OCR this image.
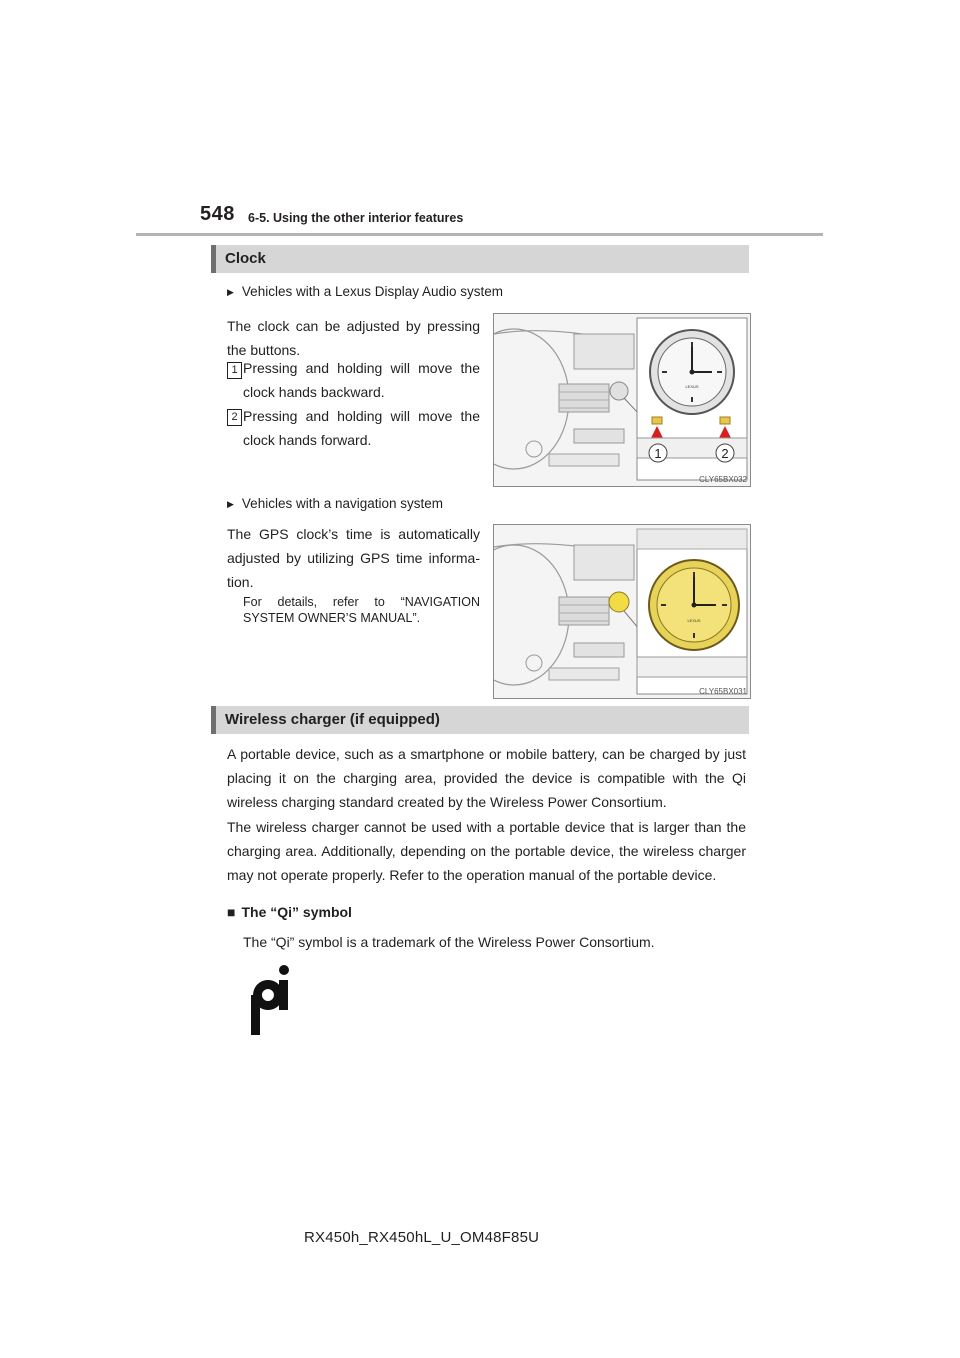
548 6-5. Using the other interior features
Clock
▶ Vehicles with a Lexus Display Audio system
The clock can be adjusted by pressing the buttons.
1 Pressing and holding will move the clock hands backward.
2 Pressing and holding will move the clock hands forward.
LEXUS
1	2
CLY65BX032
▶ Vehicles with a navigation system
The GPS clock’s time is automatically adjusted by utilizing GPS time informa-tion.
For details, refer to “NAVIGATION SYSTEM OWNER’S MANUAL”.	LEXUS
CLY65BX031
Wireless charger (if equipped)
A portable device, such as a smartphone or mobile battery, can be charged by just placing it on the charging area, provided the device is compatible with the Qi wireless charging standard created by the Wireless Power Consortium.
The wireless charger cannot be used with a portable device that is larger than the charging area. Additionally, depending on the portable device, the wireless charger may not operate properly. Refer to the operation manual of the portable device.
■ The “Qi” symbol
The “Qi” symbol is a trademark of the Wireless Power Consortium.
RX450h_RX450hL_U_OM48F85U
